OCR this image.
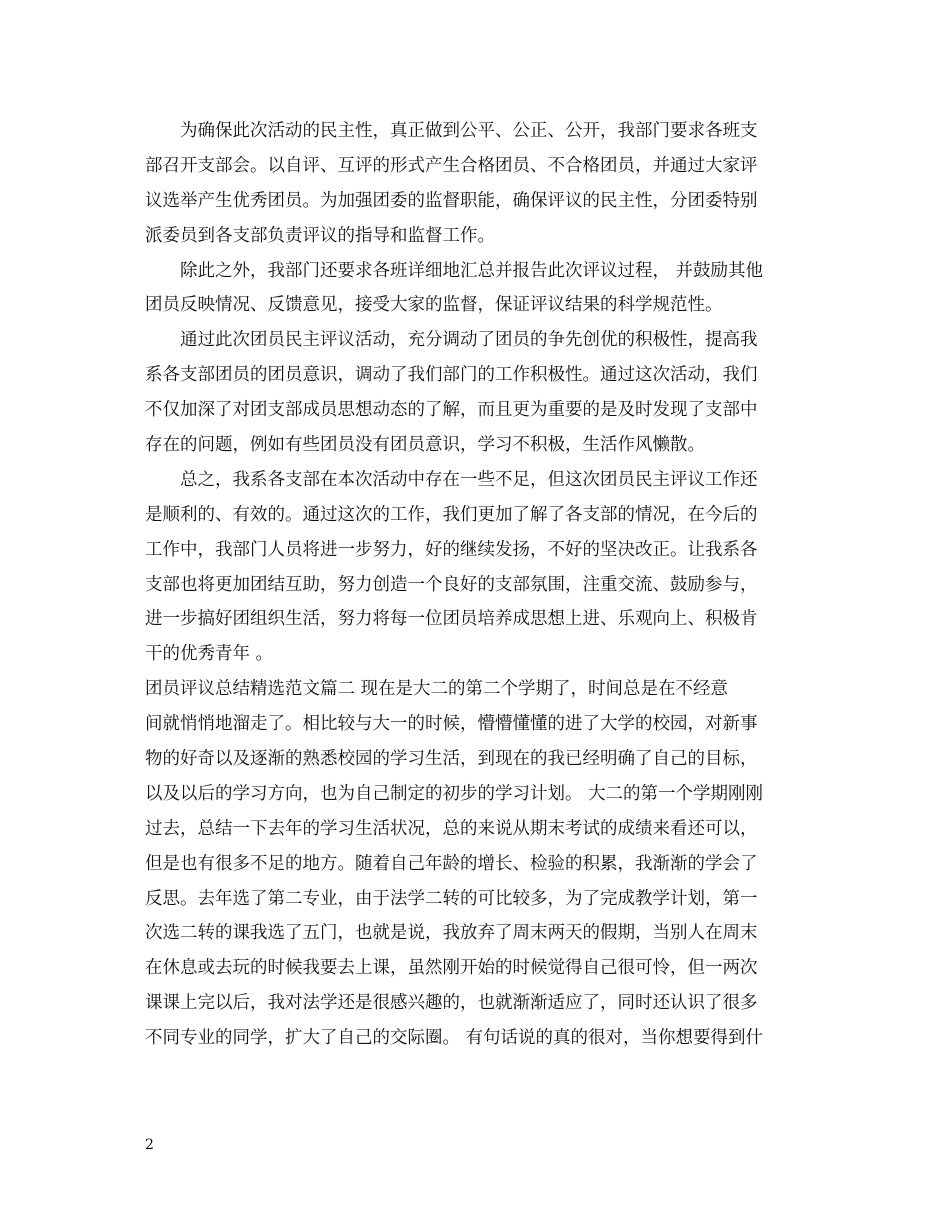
为确保此次活动的民主性，真正做到公平、公正、公开，我部门要求各班支
部召开支部会。以自评、互评的形式产生合格团员、不合格团员，并通过大家评
议选举产生优秀团员。为加强团委的监督职能，确保评议的民主性，分团委特别
派委员到各支部负责评议的指导和监督工作。
除此之外，我部门还要求各班详细地汇总并报告此次评议过程， 并鼓励其他
团员反映情况、反馈意见，接受大家的监督，保证评议结果的科学规范性。
通过此次团员民主评议活动，充分调动了团员的争先创优的积极性，提高我
系各支部团员的团员意识，调动了我们部门的工作积极性。通过这次活动，我们
不仅加深了对团支部成员思想动态的了解，而且更为重要的是及时发现了支部中
存在的问题，例如有些团员没有团员意识，学习不积极，生活作风懒散。
总之，我系各支部在本次活动中存在一些不足，但这次团员民主评议工作还
是顺利的、有效的。通过这次的工作，我们更加了解了各支部的情况，在今后的
工作中，我部门人员将进一步努力，好的继续发扬，不好的坚决改正。让我系各
支部也将更加团结互助，努力创造一个良好的支部氛围，注重交流、鼓励参与，
进一步搞好团组织生活，努力将每一位团员培养成思想上进、乐观向上、积极肯
干的优秀青年 。
团员评议总结精选范文篇二 现在是大二的第二个学期了，时间总是在不经意
间就悄悄地溜走了。相比较与大一的时候，懵懵懂懂的进了大学的校园，对新事
物的好奇以及逐渐的熟悉校园的学习生活，到现在的我已经明确了自己的目标，
以及以后的学习方向，也为自己制定的初步的学习计划。 大二的第一个学期刚刚
过去，总结一下去年的学习生活状况，总的来说从期末考试的成绩来看还可以，
但是也有很多不足的地方。随着自己年龄的增长、检验的积累，我渐渐的学会了
反思。去年选了第二专业，由于法学二转的可比较多，为了完成教学计划，第一
次选二转的课我选了五门，也就是说，我放弃了周末两天的假期，当别人在周末
在休息或去玩的时候我要去上课，虽然刚开始的时候觉得自己很可怜，但一两次
课课上完以后，我对法学还是很感兴趣的，也就渐渐适应了，同时还认识了很多
不同专业的同学，扩大了自己的交际圈。 有句话说的真的很对，当你想要得到什
2
